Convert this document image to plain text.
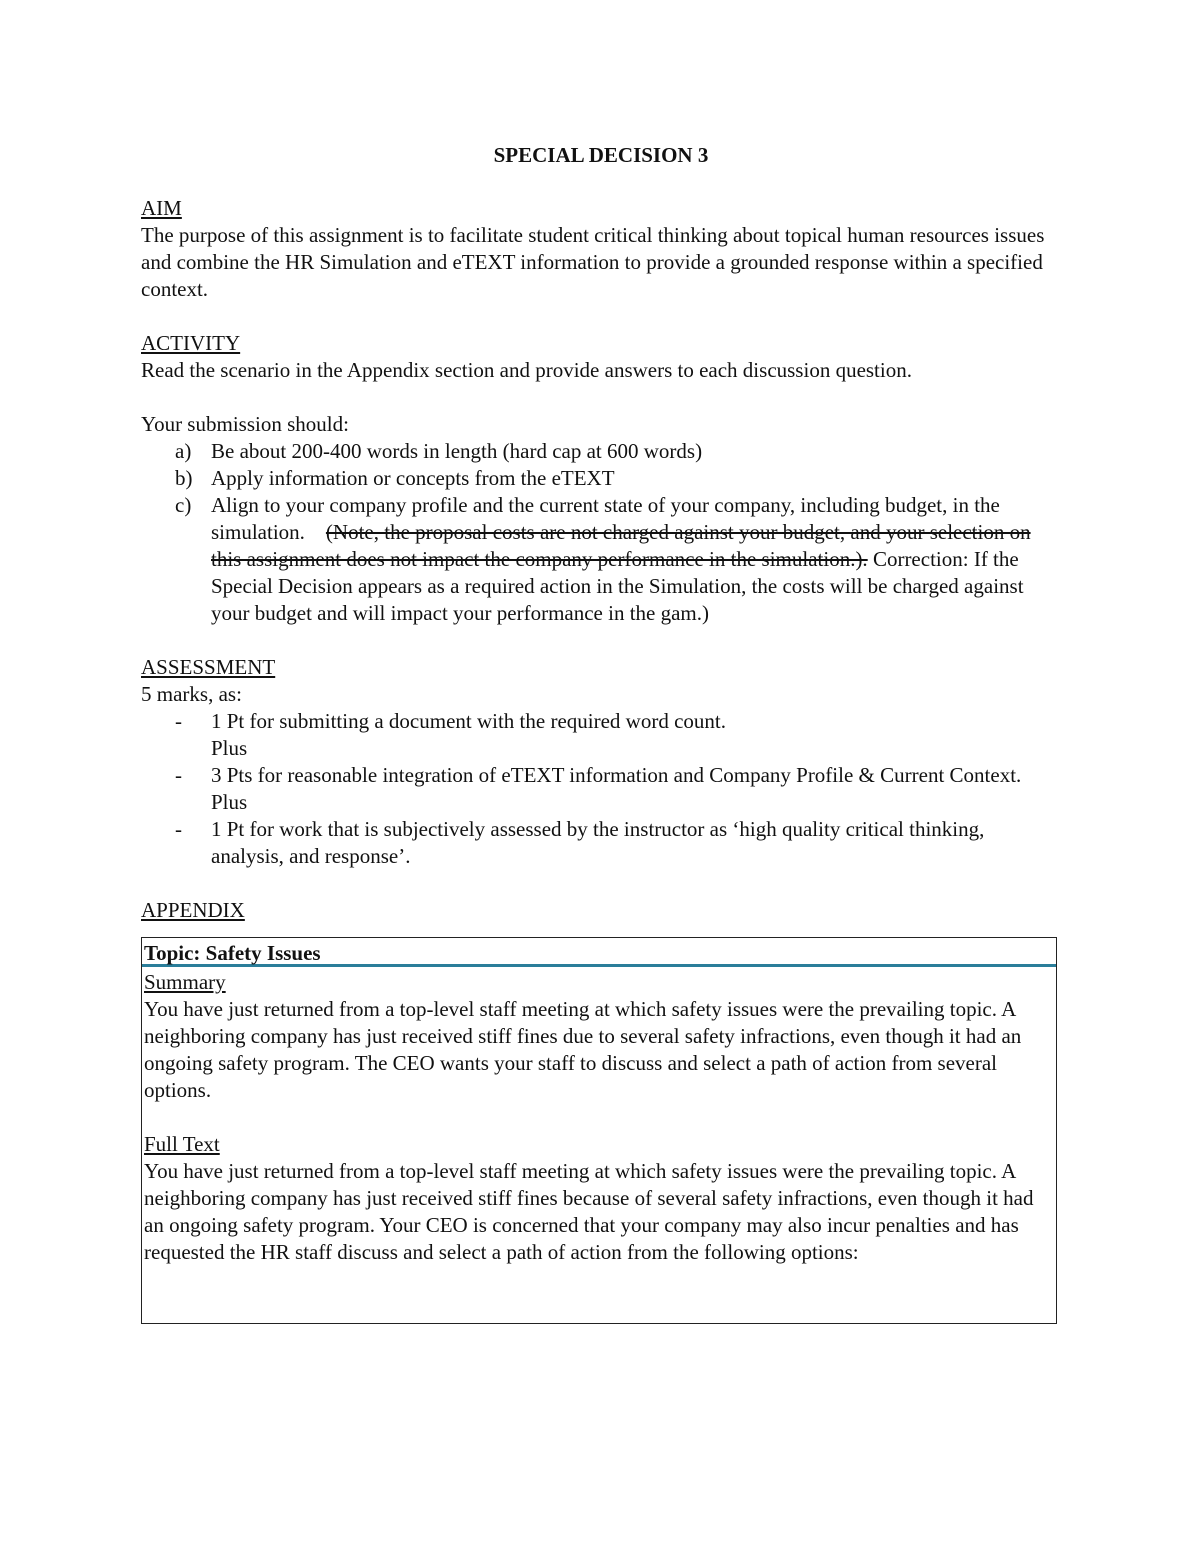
SPECIAL DECISION 3

AIM

The purpose of this assignment is to facilitate student critical thinking about topical human resources issues and combine the HR Simulation and eTEXT information to provide a grounded response within a specified context.

ACTIVITY

Read the scenario in the Appendix section and provide answers to each discussion question.

Your submission should:

a) Be about 200-400 words in length (hard cap at 600 words)
b) Apply information or concepts from the eTEXT
c) Align to your company profile and the current state of your company, including budget, in the simulation. (Note, the proposal costs are not charged against your budget, and your selection on this assignment does not impact the company performance in the simulation.). Correction: If the Special Decision appears as a required action in the Simulation, the costs will be charged against your budget and will impact your performance in the gam.)

ASSESSMENT

5 marks, as:

- 1 Pt for submitting a document with the required word count.
Plus
- 3 Pts for reasonable integration of eTEXT information and Company Profile & Current Context.
Plus
- 1 Pt for work that is subjectively assessed by the instructor as ‘high quality critical thinking, analysis, and response’.

APPENDIX

Topic: Safety Issues

Summary

You have just returned from a top-level staff meeting at which safety issues were the prevailing topic. A neighboring company has just received stiff fines due to several safety infractions, even though it had an ongoing safety program. The CEO wants your staff to discuss and select a path of action from several options.

Full Text

You have just returned from a top-level staff meeting at which safety issues were the prevailing topic. A neighboring company has just received stiff fines because of several safety infractions, even though it had an ongoing safety program. Your CEO is concerned that your company may also incur penalties and has requested the HR staff discuss and select a path of action from the following options:
